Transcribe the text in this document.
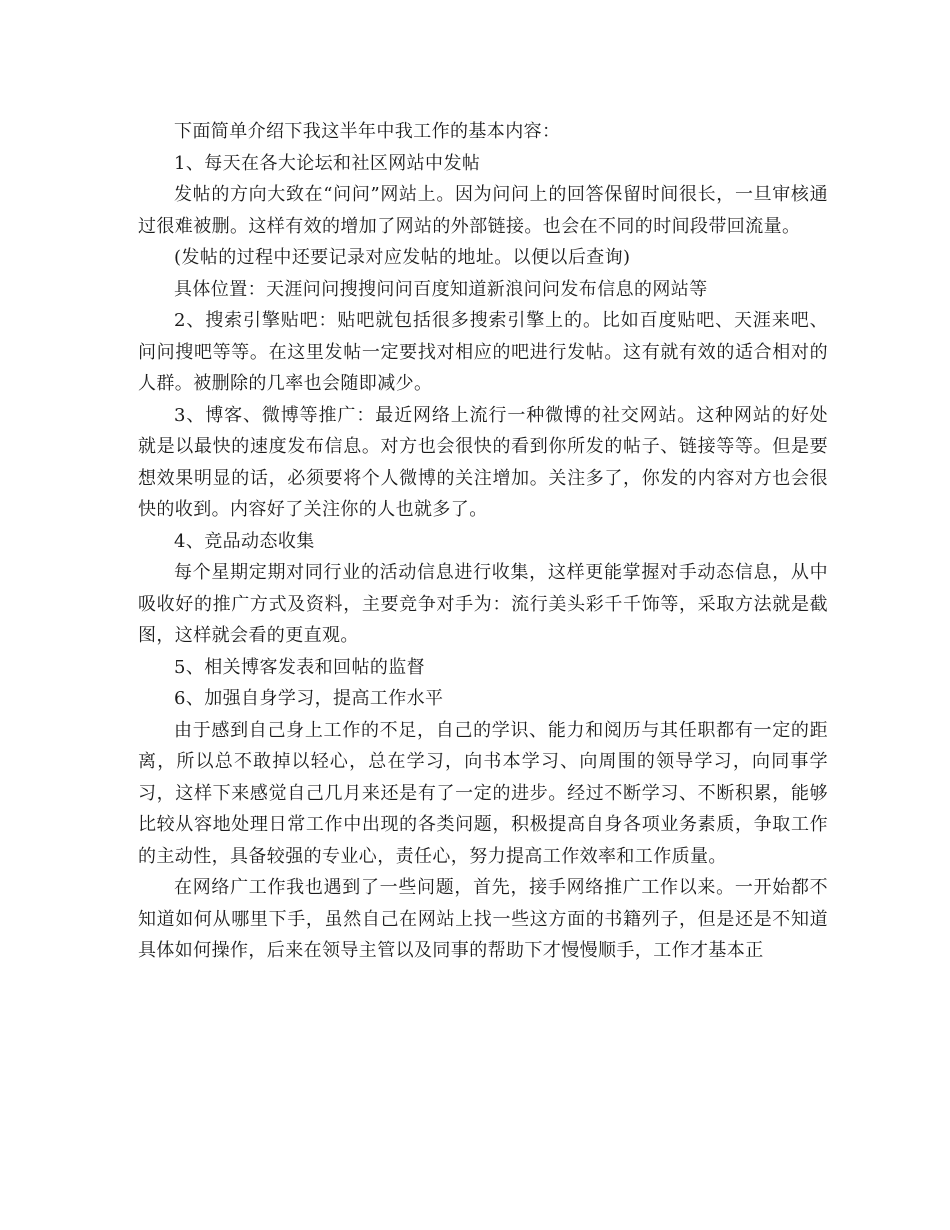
下面简单介绍下我这半年中我工作的基本内容：

1、每天在各大论坛和社区网站中发帖

发帖的方向大致在“问问”网站上。因为问问上的回答保留时间很长，一旦审核通过很难被删。这样有效的增加了网站的外部链接。也会在不同的时间段带回流量。

(发帖的过程中还要记录对应发帖的地址。以便以后查询)

具体位置：天涯问问搜搜问问百度知道新浪问问发布信息的网站等

2、搜索引擎贴吧：贴吧就包括很多搜索引擎上的。比如百度贴吧、天涯来吧、问问搜吧等等。在这里发帖一定要找对相应的吧进行发帖。这有就有效的适合相对的人群。被删除的几率也会随即减少。

3、博客、微博等推广：最近网络上流行一种微博的社交网站。这种网站的好处就是以最快的速度发布信息。对方也会很快的看到你所发的帖子、链接等等。但是要想效果明显的话，必须要将个人微博的关注增加。关注多了，你发的内容对方也会很快的收到。内容好了关注你的人也就多了。

4、竞品动态收集

每个星期定期对同行业的活动信息进行收集，这样更能掌握对手动态信息，从中吸收好的推广方式及资料，主要竞争对手为：流行美头彩千千饰等，采取方法就是截图，这样就会看的更直观。

5、相关博客发表和回帖的监督

6、加强自身学习，提高工作水平

由于感到自己身上工作的不足，自己的学识、能力和阅历与其任职都有一定的距离，所以总不敢掉以轻心，总在学习，向书本学习、向周围的领导学习，向同事学习，这样下来感觉自己几月来还是有了一定的进步。经过不断学习、不断积累，能够比较从容地处理日常工作中出现的各类问题，积极提高自身各项业务素质，争取工作的主动性，具备较强的专业心，责任心，努力提高工作效率和工作质量。

在网络广工作我也遇到了一些问题，首先，接手网络推广工作以来。一开始都不知道如何从哪里下手，虽然自己在网站上找一些这方面的书籍列子，但是还是不知道具体如何操作，后来在领导主管以及同事的帮助下才慢慢顺手，工作才基本正
